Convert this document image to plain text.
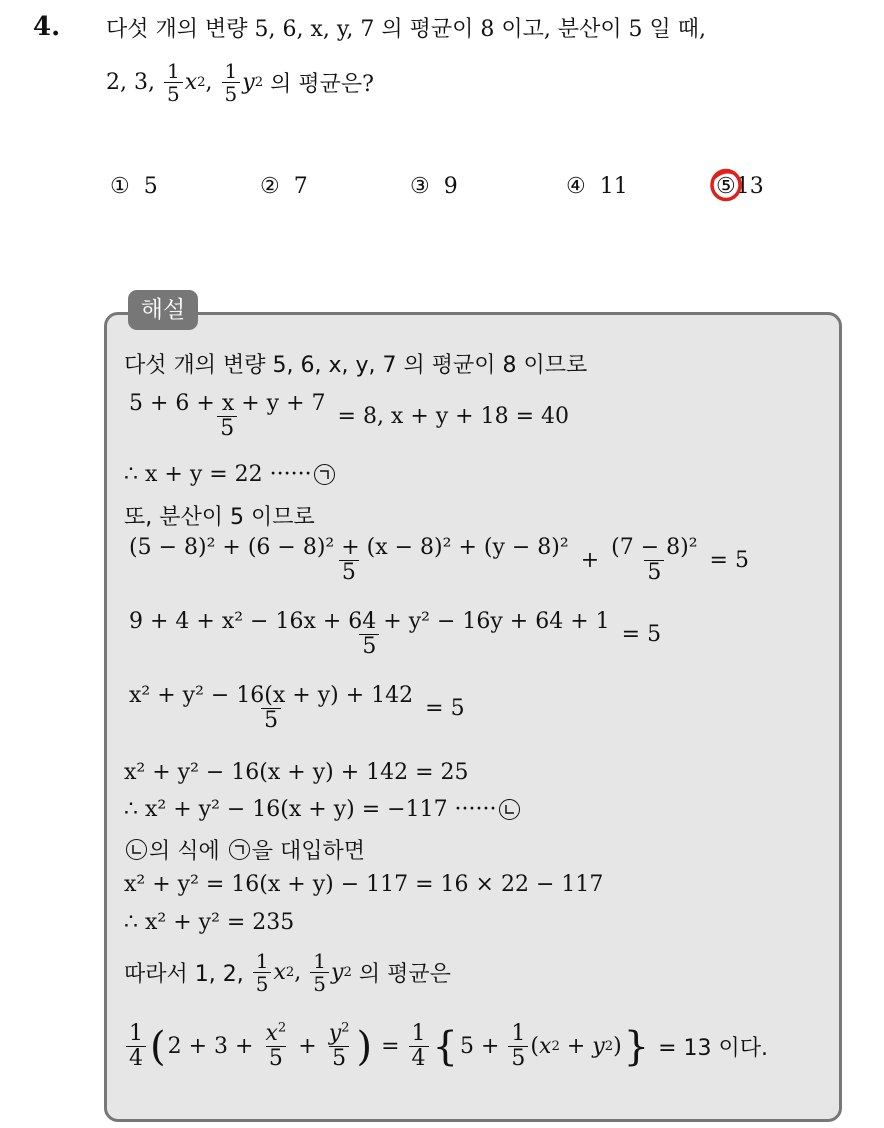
4. 다섯 개의 변량 5, 6, x, y, 7 의 평균이 8 이고, 분산이 5 일 때,
2, 3,
$\frac{1}{5}$ x 2 , $\frac{1}{5}$ y 2
의 평균은?
① 5	② 7	③ 9	④ 11	⑤13
해설
다섯 개의 변량 5, 6, x, y, 7 의 평균이 8 이므로
$\frac{5 + 6 + x + y + 7}{5}$
= 8, x + y + 18 = 40
∴ x + y = 22 ······
또, 분산이 5 이므로
$\frac{\text{(5 − 8)² + (6 − 8)² + (x − 8)² + (y − 8)²}}{5} + \frac{\text{(7 − 8)²}}{5}$
= 5
$\frac{\text{9 + 4 + x² − 16x + 64 + y² − 16y + 64 + 1}}{5}$
= 5
$\frac{\text{x² + y² − 16(x + y) + 142}}{5}$
= 5
x² + y² − 16(x + y) + 142 = 25
∴ x² + y² − 16(x + y) = −117 ······
의 식에
을 대입하면
x² + y² = 16(x + y) − 117 = 16 × 22 − 117
∴ x² + y² = 235
따라서 1, 2,
$\frac{1}{5}$ x 2 , $\frac{1}{5}$ y 2
의 평균은
$\frac{1}{4}$ ( $2 + 3 + \frac{x^2}{5} + \frac{y^2}{5}$ ) = $\frac{1}{4}$ { $5 + \frac{1}{5}$ ( x 2 + y 2 ) }
= 13 이다.
